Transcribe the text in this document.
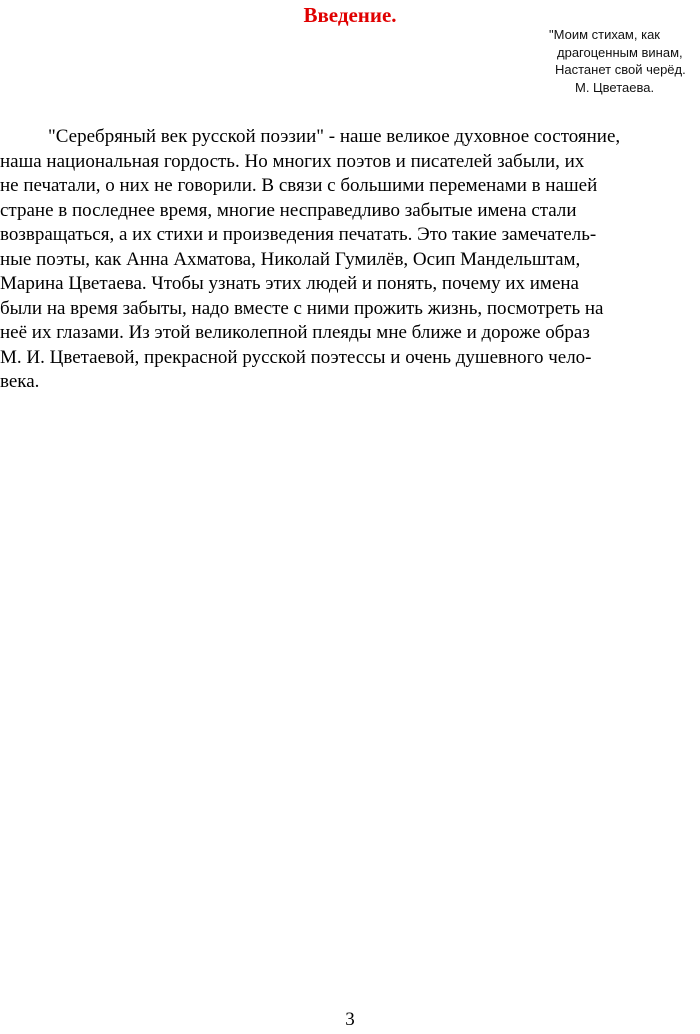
Введение.
"Моим стихам, как
драгоценным винам,
Настанет свой черёд.
М. Цветаева.
"Серебряный век русской поэзии" - наше великое духовное состояние,
наша национальная гордость. Но многих поэтов и писателей забыли, их
не печатали, о них не говорили. В связи с большими переменами в нашей
стране в последнее время, многие несправедливо забытые имена стали
возвращаться, а их стихи и произведения печатать. Это такие замечатель-
ные поэты, как Анна Ахматова, Николай Гумилёв, Осип Мандельштам,
Марина Цветаева. Чтобы узнать этих людей и понять, почему их имена
были на время забыты, надо вместе с ними прожить жизнь, посмотреть на
неё их глазами. Из этой великолепной плеяды мне ближе и дороже образ
М. И. Цветаевой, прекрасной русской поэтессы и очень душевного чело-
века.
3
